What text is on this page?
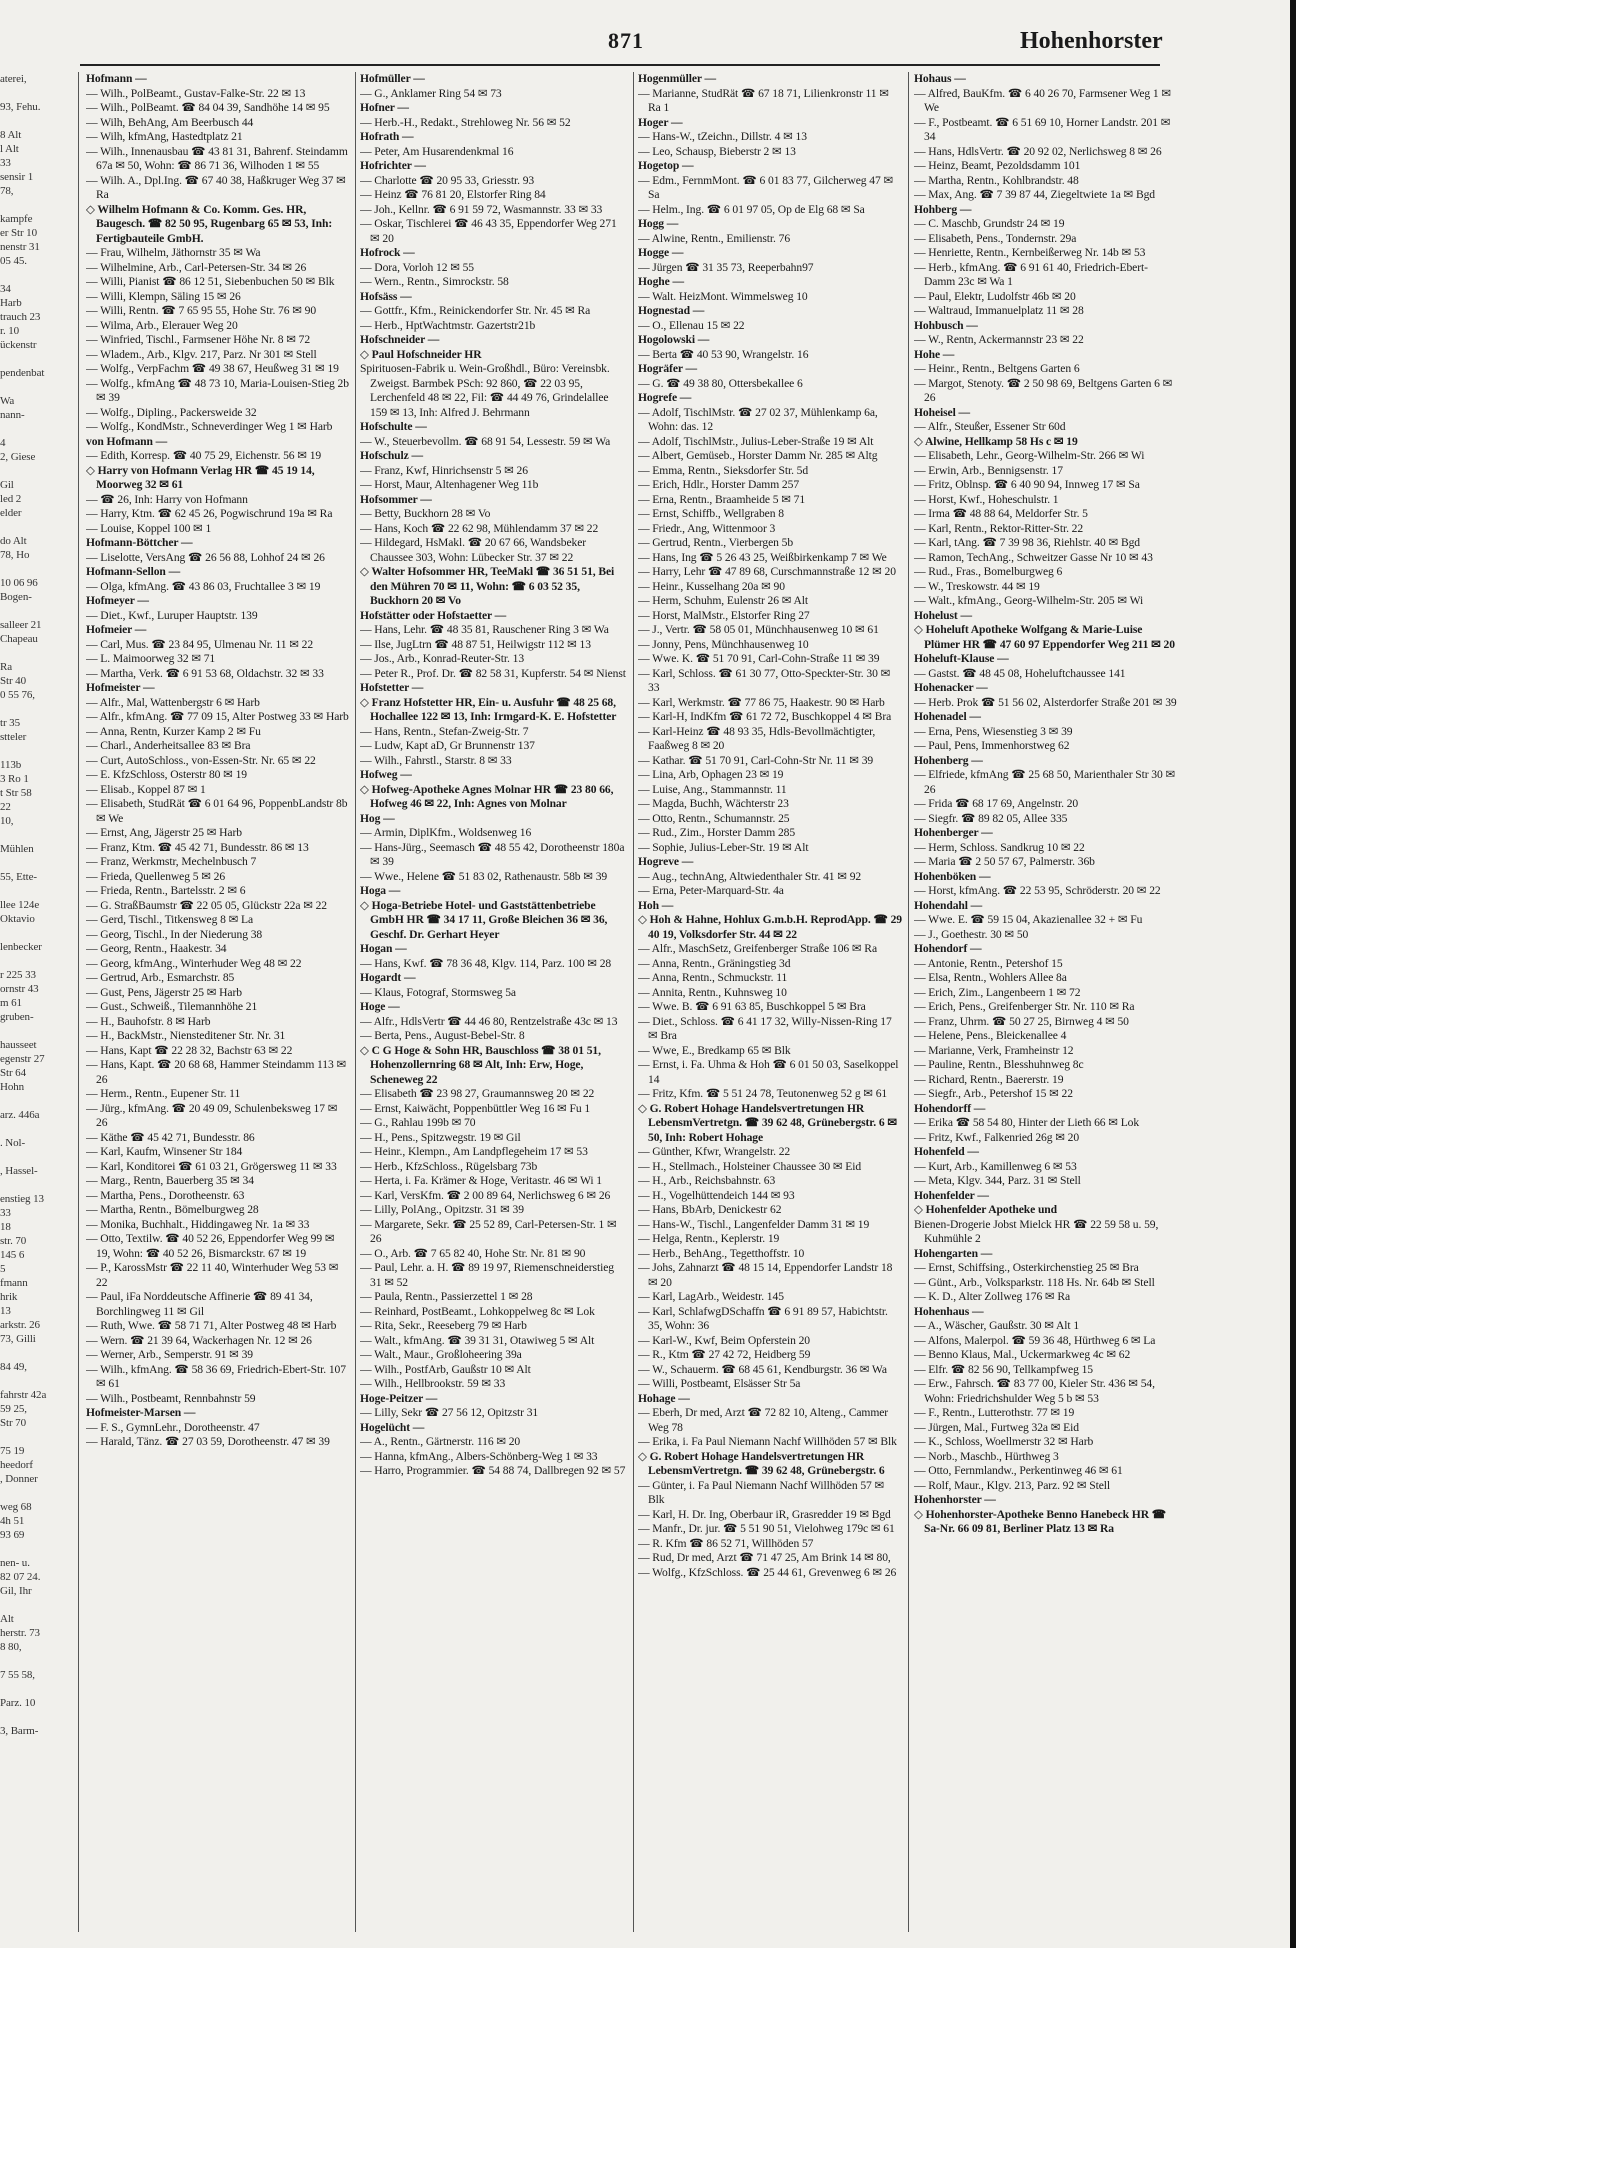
871	Hohenhorster
aterei,

93, Fehu.

8 Alt
l Alt
33
sensir 1
78,

kampfe
er Str 10
nenstr 31
05 45.

34
Harb
trauch 23
r. 10
ückenstr

pendenbat

Wa
nann-

4
2, Giese

Gil
led 2
elder

do Alt
78, Ho

10 06 96
Bogen-

salleer 21
Chapeau

Ra
Str 40
0 55 76,

tr 35
stteler

113b
3 Ro 1
t Str 58
22
10,

Mühlen

55, Ette-

llee 124e
Oktavio

lenbecker

r 225 33
ornstr 43
m 61
gruben-

hausseet
egenstr 27
Str 64
Hohn

arz. 446a

. Nol-

, Hassel-

enstieg 13
33
18
str. 70
145 6
5
fmann
hrik
13
arkstr. 26
73, Gilli

84 49,

fahrstr 42a
59 25,
Str 70

75 19
heedorf
, Donner

weg 68
4h 51
93 69

nen- u.
82 07 24.
Gil, Ihr

Alt
herstr. 73
8 80,

7 55 58,

Parz. 10

3, Barm-
Hofmann —
— Wilh., PolBeamt., Gustav-Falke-Str. 22 ✉ 13
— Wilh., PolBeamt. ☎ 84 04 39, Sandhöhe 14 ✉ 95
— Wilh, BehAng, Am Beerbusch 44
— Wilh, kfmAng, Hastedtplatz 21
— Wilh., Innenausbau ☎ 43 81 31, Bahrenf. Steindamm 67a ✉ 50, Wohn: ☎ 86 71 36, Wilhoden 1 ✉ 55
— Wilh. A., Dpl.Ing. ☎ 67 40 38, Haßkruger Weg 37 ✉ Ra
◇ Wilhelm Hofmann & Co. Komm. Ges. HR, Baugesch. ☎ 82 50 95, Rugenbarg 65 ✉ 53, Inh: Fertigbauteile GmbH.
— Frau, Wilhelm, Jäthornstr 35 ✉ Wa
— Wilhelmine, Arb., Carl-Petersen-Str. 34 ✉ 26
— Willi, Pianist ☎ 86 12 51, Siebenbuchen 50 ✉ Blk
— Willi, Klempn, Säling 15 ✉ 26
— Willi, Rentn. ☎ 7 65 95 55, Hohe Str. 76 ✉ 90
— Wilma, Arb., Elerauer Weg 20
— Winfried, Tischl., Farmsener Höhe Nr. 8 ✉ 72
— Wladem., Arb., Klgv. 217, Parz. Nr 301 ✉ Stell
— Wolfg., VerpFachm ☎ 49 38 67, Heußweg 31 ✉ 19
— Wolfg., kfmAng ☎ 48 73 10, Maria-Louisen-Stieg 2b ✉ 39
— Wolfg., Dipling., Packersweide 32
— Wolfg., KondMstr., Schneverdinger Weg 1 ✉ Harb
von Hofmann —
— Edith, Korresp. ☎ 40 75 29, Eichenstr. 56 ✉ 19
◇ Harry von Hofmann Verlag HR ☎ 45 19 14, Moorweg 32 ✉ 61
— ☎ 26, Inh: Harry von Hofmann
— Harry, Ktm. ☎ 62 45 26, Pogwischrund 19a ✉ Ra
— Louise, Koppel 100 ✉ 1
Hofmann-Böttcher —
— Liselotte, VersAng ☎ 26 56 88, Lohhof 24 ✉ 26
Hofmann-Sellon —
— Olga, kfmAng. ☎ 43 86 03, Fruchtallee 3 ✉ 19
Hofmeyer —
— Diet., Kwf., Luruper Hauptstr. 139
Hofmeier —
— Carl, Mus. ☎ 23 84 95, Ulmenau Nr. 11 ✉ 22
— L. Maimoorweg 32 ✉ 71
— Martha, Verk. ☎ 6 91 53 68, Oldachstr. 32 ✉ 33
Hofmeister —
— Alfr., Mal, Wattenbergstr 6 ✉ Harb
— Alfr., kfmAng. ☎ 77 09 15, Alter Postweg 33 ✉ Harb
— Anna, Rentn, Kurzer Kamp 2 ✉ Fu
— Charl., Anderheitsallee 83 ✉ Bra
— Curt, AutoSchloss., von-Essen-Str. Nr. 65 ✉ 22
— E. KfzSchloss, Osterstr 80 ✉ 19
— Elisab., Koppel 87 ✉ 1
— Elisabeth, StudRät ☎ 6 01 64 96, PoppenbLandstr 8b ✉ We
— Ernst, Ang, Jägerstr 25 ✉ Harb
— Franz, Ktm. ☎ 45 42 71, Bundesstr. 86 ✉ 13
— Franz, Werkmstr, Mechelnbusch 7
— Frieda, Quellenweg 5 ✉ 26
— Frieda, Rentn., Bartelsstr. 2 ✉ 6
— G. StraßBaumstr ☎ 22 05 05, Glückstr 22a ✉ 22
— Gerd, Tischl., Titkensweg 8 ✉ La
— Georg, Tischl., In der Niederung 38
— Georg, Rentn., Haakestr. 34
— Georg, kfmAng., Winterhuder Weg 48 ✉ 22
— Gertrud, Arb., Esmarchstr. 85
— Gust, Pens, Jägerstr 25 ✉ Harb
— Gust., Schweiß., Tilemannhöhe 21
— H., Bauhofstr. 8 ✉ Harb
— H., BackMstr., Niensteditener Str. Nr. 31
— Hans, Kapt ☎ 22 28 32, Bachstr 63 ✉ 22
— Hans, Kapt. ☎ 20 68 68, Hammer Steindamm 113 ✉ 26
— Herm., Rentn., Eupener Str. 11
— Jürg., kfmAng. ☎ 20 49 09, Schulenbeksweg 17 ✉ 26
— Käthe ☎ 45 42 71, Bundesstr. 86
— Karl, Kaufm, Winsener Str 184
— Karl, Konditorei ☎ 61 03 21, Grögersweg 11 ✉ 33
— Marg., Rentn, Bauerberg 35 ✉ 34
— Martha, Pens., Dorotheenstr. 63
— Martha, Rentn., Bömelburgweg 28
— Monika, Buchhalt., Hiddingaweg Nr. 1a ✉ 33
— Otto, Textilw. ☎ 40 52 26, Eppendorfer Weg 99 ✉ 19, Wohn: ☎ 40 52 26, Bismarckstr. 67 ✉ 19
— P., KarossMstr ☎ 22 11 40, Winterhuder Weg 53 ✉ 22
— Paul, iFa Norddeutsche Affinerie ☎ 89 41 34, Borchlingweg 11 ✉ Gil
— Ruth, Wwe. ☎ 58 71 71, Alter Postweg 48 ✉ Harb
— Wern. ☎ 21 39 64, Wackerhagen Nr. 12 ✉ 26
— Werner, Arb., Semperstr. 91 ✉ 39
— Wilh., kfmAng. ☎ 58 36 69, Friedrich-Ebert-Str. 107 ✉ 61
— Wilh., Postbeamt, Rennbahnstr 59
Hofmeister-Marsen —
— F. S., GymnLehr., Dorotheenstr. 47
— Harald, Tänz. ☎ 27 03 59, Dorotheenstr. 47 ✉ 39
Hofmüller —
— G., Anklamer Ring 54 ✉ 73
Hofner —
— Herb.-H., Redakt., Strehloweg Nr. 56 ✉ 52
Hofrath —
— Peter, Am Husarendenkmal 16
Hofrichter —
— Charlotte ☎ 20 95 33, Griesstr. 93
— Heinz ☎ 76 81 20, Elstorfer Ring 84
— Joh., Kellnr. ☎ 6 91 59 72, Wasmannstr. 33 ✉ 33
— Oskar, Tischlerei ☎ 46 43 35, Eppendorfer Weg 271 ✉ 20
Hofrock —
— Dora, Vorloh 12 ✉ 55
— Wern., Rentn., Simrockstr. 58
Hofsäss —
— Gottfr., Kfm., Reinickendorfer Str. Nr. 45 ✉ Ra
— Herb., HptWachtmstr. Gazertstr21b
Hofschneider —
◇ Paul Hofschneider HR
Spirituosen-Fabrik u. Wein-Großhdl., Büro: Vereinsbk. Zweigst. Barmbek PSch: 92 860, ☎ 22 03 95, Lerchenfeld 48 ✉ 22, Fil: ☎ 44 49 76, Grindelallee 159 ✉ 13, Inh: Alfred J. Behrmann
Hofschulte —
— W., Steuerbevollm. ☎ 68 91 54, Lessestr. 59 ✉ Wa
Hofschulz —
— Franz, Kwf, Hinrichsenstr 5 ✉ 26
— Horst, Maur, Altenhagener Weg 11b
Hofsommer —
— Betty, Buckhorn 28 ✉ Vo
— Hans, Koch ☎ 22 62 98, Mühlendamm 37 ✉ 22
— Hildegard, HsMakl. ☎ 20 67 66, Wandsbeker Chaussee 303, Wohn: Lübecker Str. 37 ✉ 22
◇ Walter Hofsommer HR, TeeMakl ☎ 36 51 51, Bei den Mühren 70 ✉ 11, Wohn: ☎ 6 03 52 35, Buckhorn 20 ✉ Vo
Hofstätter oder Hofstaetter —
— Hans, Lehr. ☎ 48 35 81, Rauschener Ring 3 ✉ Wa
— Ilse, JugLtrn ☎ 48 87 51, Heilwigstr 112 ✉ 13
— Jos., Arb., Konrad-Reuter-Str. 13
— Peter R., Prof. Dr. ☎ 82 58 31, Kupferstr. 54 ✉ Nienst
Hofstetter —
◇ Franz Hofstetter HR, Ein- u. Ausfuhr ☎ 48 25 68, Hochallee 122 ✉ 13, Inh: Irmgard-K. E. Hofstetter
— Hans, Rentn., Stefan-Zweig-Str. 7
— Ludw, Kapt aD, Gr Brunnenstr 137
— Wilh., Fahrstl., Starstr. 8 ✉ 33
Hofweg —
◇ Hofweg-Apotheke Agnes Molnar HR ☎ 23 80 66, Hofweg 46 ✉ 22, Inh: Agnes von Molnar
Hog —
— Armin, DiplKfm., Woldsenweg 16
— Hans-Jürg., Seemasch ☎ 48 55 42, Dorotheenstr 180a ✉ 39
— Wwe., Helene ☎ 51 83 02, Rathenaustr. 58b ✉ 39
Hoga —
◇ Hoga-Betriebe Hotel- und Gaststättenbetriebe GmbH HR ☎ 34 17 11, Große Bleichen 36 ✉ 36, Geschf. Dr. Gerhart Heyer
Hogan —
— Hans, Kwf. ☎ 78 36 48, Klgv. 114, Parz. 100 ✉ 28
Hogardt —
— Klaus, Fotograf, Stormsweg 5a
Hoge —
— Alfr., HdlsVertr ☎ 44 46 80, Rentzelstraße 43c ✉ 13
— Berta, Pens., August-Bebel-Str. 8
◇ C G Hoge & Sohn HR, Bauschloss ☎ 38 01 51, Hohenzollernring 68 ✉ Alt, Inh: Erw, Hoge, Scheneweg 22
— Elisabeth ☎ 23 98 27, Graumannsweg 20 ✉ 22
— Ernst, Kaiwächt, Poppenbüttler Weg 16 ✉ Fu 1
— G., Rahlau 199b ✉ 70
— H., Pens., Spitzwegstr. 19 ✉ Gil
— Heinr., Klempn., Am Landpflegeheim 17 ✉ 53
— Herb., KfzSchloss., Rügelsbarg 73b
— Herta, i. Fa. Krämer & Hoge, Veritastr. 46 ✉ Wi 1
— Karl, VersKfm. ☎ 2 00 89 64, Nerlichsweg 6 ✉ 26
— Lilly, PolAng., Opitzstr. 31 ✉ 39
— Margarete, Sekr. ☎ 25 52 89, Carl-Petersen-Str. 1 ✉ 26
— O., Arb. ☎ 7 65 82 40, Hohe Str. Nr. 81 ✉ 90
— Paul, Lehr. a. H. ☎ 89 19 97, Riemenschneiderstieg 31 ✉ 52
— Paula, Rentn., Passierzettel 1 ✉ 28
— Reinhard, PostBeamt., Lohkoppelweg 8c ✉ Lok
— Rita, Sekr., Reeseberg 79 ✉ Harb
— Walt., kfmAng. ☎ 39 31 31, Otawiweg 5 ✉ Alt
— Walt., Maur., Großloheering 39a
— Wilh., PostfArb, Gaußstr 10 ✉ Alt
— Wilh., Hellbrookstr. 59 ✉ 33
Hoge-Peitzer —
— Lilly, Sekr ☎ 27 56 12, Opitzstr 31
Hogelücht —
— A., Rentn., Gärtnerstr. 116 ✉ 20
— Hanna, kfmAng., Albers-Schönberg-Weg 1 ✉ 33
— Harro, Programmier. ☎ 54 88 74, Dallbregen 92 ✉ 57
Hogenmüller —
— Marianne, StudRät ☎ 67 18 71, Lilienkronstr 11 ✉ Ra 1
Hoger —
— Hans-W., tZeichn., Dillstr. 4 ✉ 13
— Leo, Schausp, Bieberstr 2 ✉ 13
Hogetop —
— Edm., FernmMont. ☎ 6 01 83 77, Gilcherweg 47 ✉ Sa
— Helm., Ing. ☎ 6 01 97 05, Op de Elg 68 ✉ Sa
Hogg —
— Alwine, Rentn., Emilienstr. 76
Hogge —
— Jürgen ☎ 31 35 73, Reeperbahn97
Hoghe —
— Walt. HeizMont. Wimmelsweg 10
Hognestad —
— O., Ellenau 15 ✉ 22
Hogolowski —
— Berta ☎ 40 53 90, Wrangelstr. 16
Hogräfer —
— G. ☎ 49 38 80, Ottersbekallee 6
Hogrefe —
— Adolf, TischlMstr. ☎ 27 02 37, Mühlenkamp 6a, Wohn: das. 12
— Adolf, TischlMstr., Julius-Leber-Straße 19 ✉ Alt
— Albert, Gemüseb., Horster Damm Nr. 285 ✉ Altg
— Emma, Rentn., Sieksdorfer Str. 5d
— Erich, Hdlr., Horster Damm 257
— Erna, Rentn., Braamheide 5 ✉ 71
— Ernst, Schiffb., Wellgraben 8
— Friedr., Ang, Wittenmoor 3
— Gertrud, Rentn., Vierbergen 5b
— Hans, Ing ☎ 5 26 43 25, Weißbirkenkamp 7 ✉ We
— Harry, Lehr ☎ 47 89 68, Curschmannstraße 12 ✉ 20
— Heinr., Kusselhang 20a ✉ 90
— Herm, Schuhm, Eulenstr 26 ✉ Alt
— Horst, MalMstr., Elstorfer Ring 27
— J., Vertr. ☎ 58 05 01, Münchhausenweg 10 ✉ 61
— Jonny, Pens, Münchhausenweg 10
— Wwe. K. ☎ 51 70 91, Carl-Cohn-Straße 11 ✉ 39
— Karl, Schloss. ☎ 61 30 77, Otto-Speckter-Str. 30 ✉ 33
— Karl, Werkmstr. ☎ 77 86 75, Haakestr. 90 ✉ Harb
— Karl-H, IndKfm ☎ 61 72 72, Buschkoppel 4 ✉ Bra
— Karl-Heinz ☎ 48 93 35, Hdls-Bevollmächtigter, Faaßweg 8 ✉ 20
— Kathar. ☎ 51 70 91, Carl-Cohn-Str Nr. 11 ✉ 39
— Lina, Arb, Ophagen 23 ✉ 19
— Luise, Ang., Stammannstr. 11
— Magda, Buchh, Wächterstr 23
— Otto, Rentn., Schumannstr. 25
— Rud., Zim., Horster Damm 285
— Sophie, Julius-Leber-Str. 19 ✉ Alt
Hogreve —
— Aug., technAng, Altwiedenthaler Str. 41 ✉ 92
— Erna, Peter-Marquard-Str. 4a
Hoh —
◇ Hoh & Hahne, Hohlux G.m.b.H. ReprodApp. ☎ 29 40 19, Volksdorfer Str. 44 ✉ 22
— Alfr., MaschSetz, Greifenberger Straße 106 ✉ Ra
— Anna, Rentn., Gräningstieg 3d
— Anna, Rentn., Schmuckstr. 11
— Annita, Rentn., Kuhnsweg 10
— Wwe. B. ☎ 6 91 63 85, Buschkoppel 5 ✉ Bra
— Diet., Schloss. ☎ 6 41 17 32, Willy-Nissen-Ring 17 ✉ Bra
— Wwe, E., Bredkamp 65 ✉ Blk
— Ernst, i. Fa. Uhma & Hoh ☎ 6 01 50 03, Saselkoppel 14
— Fritz, Kfm. ☎ 5 51 24 78, Teutonenweg 52 g ✉ 61
◇ G. Robert Hohage Handelsvertretungen HR LebensmVertretgn. ☎ 39 62 48, Grünebergstr. 6 ✉ 50, Inh: Robert Hohage
— Günther, Kfwr, Wrangelstr. 22
— H., Stellmach., Holsteiner Chaussee 30 ✉ Eid
— H., Arb., Reichsbahnstr. 63
— H., Vogelhüttendeich 144 ✉ 93
— Hans, BbArb, Denickestr 62
— Hans-W., Tischl., Langenfelder Damm 31 ✉ 19
— Helga, Rentn., Keplerstr. 19
— Herb., BehAng., Tegetthoffstr. 10
— Johs, Zahnarzt ☎ 48 15 14, Eppendorfer Landstr 18 ✉ 20
— Karl, LagArb., Weidestr. 145
— Karl, SchlafwgDSchaffn ☎ 6 91 89 57, Habichtstr. 35, Wohn: 36
— Karl-W., Kwf, Beim Opferstein 20
— R., Ktm ☎ 27 42 72, Heidberg 59
— W., Schauerm. ☎ 68 45 61, Kendburgstr. 36 ✉ Wa
— Willi, Postbeamt, Elsässer Str 5a
Hohage —
— Eberh, Dr med, Arzt ☎ 72 82 10, Alteng., Cammer Weg 78
— Erika, i. Fa Paul Niemann Nachf Willhöden 57 ✉ Blk
◇ G. Robert Hohage Handelsvertretungen HR LebensmVertretgn. ☎ 39 62 48, Grünebergstr. 6
— Günter, i. Fa Paul Niemann Nachf Willhöden 57 ✉ Blk
— Karl, H. Dr. Ing, Oberbaur iR, Grasredder 19 ✉ Bgd
— Manfr., Dr. jur. ☎ 5 51 90 51, Vielohweg 179c ✉ 61
— R. Kfm ☎ 86 52 71, Willhöden 57
— Rud, Dr med, Arzt ☎ 71 47 25, Am Brink 14 ✉ 80,
— Wolfg., KfzSchloss. ☎ 25 44 61, Grevenweg 6 ✉ 26
Hohaus —
— Alfred, BauKfm. ☎ 6 40 26 70, Farmsener Weg 1 ✉ We
— F., Postbeamt. ☎ 6 51 69 10, Horner Landstr. 201 ✉ 34
— Hans, HdlsVertr. ☎ 20 92 02, Nerlichsweg 8 ✉ 26
— Heinz, Beamt, Pezoldsdamm 101
— Martha, Rentn., Kohlbrandstr. 48
— Max, Ang. ☎ 7 39 87 44, Ziegeltwiete 1a ✉ Bgd
Hohberg —
— C. Maschb, Grundstr 24 ✉ 19
— Elisabeth, Pens., Tondernstr. 29a
— Henriette, Rentn., Kernbeißerweg Nr. 14b ✉ 53
— Herb., kfmAng. ☎ 6 91 61 40, Friedrich-Ebert-Damm 23c ✉ Wa 1
— Paul, Elektr, Ludolfstr 46b ✉ 20
— Waltraud, Immanuelplatz 11 ✉ 28
Hohbusch —
— W., Rentn, Ackermannstr 23 ✉ 22
Hohe —
— Heinr., Rentn., Beltgens Garten 6
— Margot, Stenoty. ☎ 2 50 98 69, Beltgens Garten 6 ✉ 26
Hoheisel —
— Alfr., Steußer, Essener Str 60d
◇ Alwine, Hellkamp 58 Hs c ✉ 19
— Elisabeth, Lehr., Georg-Wilhelm-Str. 266 ✉ Wi
— Erwin, Arb., Bennigsenstr. 17
— Fritz, Oblnsp. ☎ 6 40 90 94, Innweg 17 ✉ Sa
— Horst, Kwf., Hoheschulstr. 1
— Irma ☎ 48 88 64, Meldorfer Str. 5
— Karl, Rentn., Rektor-Ritter-Str. 22
— Karl, tAng. ☎ 7 39 98 36, Riehlstr. 40 ✉ Bgd
— Ramon, TechAng., Schweitzer Gasse Nr 10 ✉ 43
— Rud., Fras., Bomelburgweg 6
— W., Treskowstr. 44 ✉ 19
— Walt., kfmAng., Georg-Wilhelm-Str. 205 ✉ Wi
Hohelust —
◇ Hoheluft Apotheke Wolfgang & Marie-Luise Plümer HR ☎ 47 60 97 Eppendorfer Weg 211 ✉ 20
Hoheluft-Klause —
— Gastst. ☎ 48 45 08, Hoheluftchaussee 141
Hohenacker —
— Herb. Prok ☎ 51 56 02, Alsterdorfer Straße 201 ✉ 39
Hohenadel —
— Erna, Pens, Wiesenstieg 3 ✉ 39
— Paul, Pens, Immenhorstweg 62
Hohenberg —
— Elfriede, kfmAng ☎ 25 68 50, Marienthaler Str 30 ✉ 26
— Frida ☎ 68 17 69, Angelnstr. 20
— Siegfr. ☎ 89 82 05, Allee 335
Hohenberger —
— Herm, Schloss. Sandkrug 10 ✉ 22
— Maria ☎ 2 50 57 67, Palmerstr. 36b
Hohenböken —
— Horst, kfmAng. ☎ 22 53 95, Schröderstr. 20 ✉ 22
Hohendahl —
— Wwe. E. ☎ 59 15 04, Akazienallee 32 + ✉ Fu
— J., Goethestr. 30 ✉ 50
Hohendorf —
— Antonie, Rentn., Petershof 15
— Elsa, Rentn., Wohlers Allee 8a
— Erich, Zim., Langenbeern 1 ✉ 72
— Erich, Pens., Greifenberger Str. Nr. 110 ✉ Ra
— Franz, Uhrm. ☎ 50 27 25, Birnweg 4 ✉ 50
— Helene, Pens., Bleickenallee 4
— Marianne, Verk, Framheinstr 12
— Pauline, Rentn., Blesshuhnweg 8c
— Richard, Rentn., Baererstr. 19
— Siegfr., Arb., Petershof 15 ✉ 22
Hohendorff —
— Erika ☎ 58 54 80, Hinter der Lieth 66 ✉ Lok
— Fritz, Kwf., Falkenried 26g ✉ 20
Hohenfeld —
— Kurt, Arb., Kamillenweg 6 ✉ 53
— Meta, Klgv. 344, Parz. 31 ✉ Stell
Hohenfelder —
◇ Hohenfelder Apotheke und
Bienen-Drogerie Jobst Mielck HR ☎ 22 59 58 u. 59, Kuhmühle 2
Hohengarten —
— Ernst, Schiffsing., Osterkirchenstieg 25 ✉ Bra
— Günt., Arb., Volksparkstr. 118 Hs. Nr. 64b ✉ Stell
— K. D., Alter Zollweg 176 ✉ Ra
Hohenhaus —
— A., Wäscher, Gaußstr. 30 ✉ Alt 1
— Alfons, Malerpol. ☎ 59 36 48, Hürthweg 6 ✉ La
— Benno Klaus, Mal., Uckermarkweg 4c ✉ 62
— Elfr. ☎ 82 56 90, Tellkampfweg 15
— Erw., Fahrsch. ☎ 83 77 00, Kieler Str. 436 ✉ 54, Wohn: Friedrichshulder Weg 5 b ✉ 53
— F., Rentn., Lutterothstr. 77 ✉ 19
— Jürgen, Mal., Furtweg 32a ✉ Eid
— K., Schloss, Woellmerstr 32 ✉ Harb
— Norb., Maschb., Hürthweg 3
— Otto, Fernmlandw., Perkentinweg 46 ✉ 61
— Rolf, Maur., Klgv. 213, Parz. 92 ✉ Stell
Hohenhorster —
◇ Hohenhorster-Apotheke Benno Hanebeck HR ☎ Sa-Nr. 66 09 81, Berliner Platz 13 ✉ Ra
